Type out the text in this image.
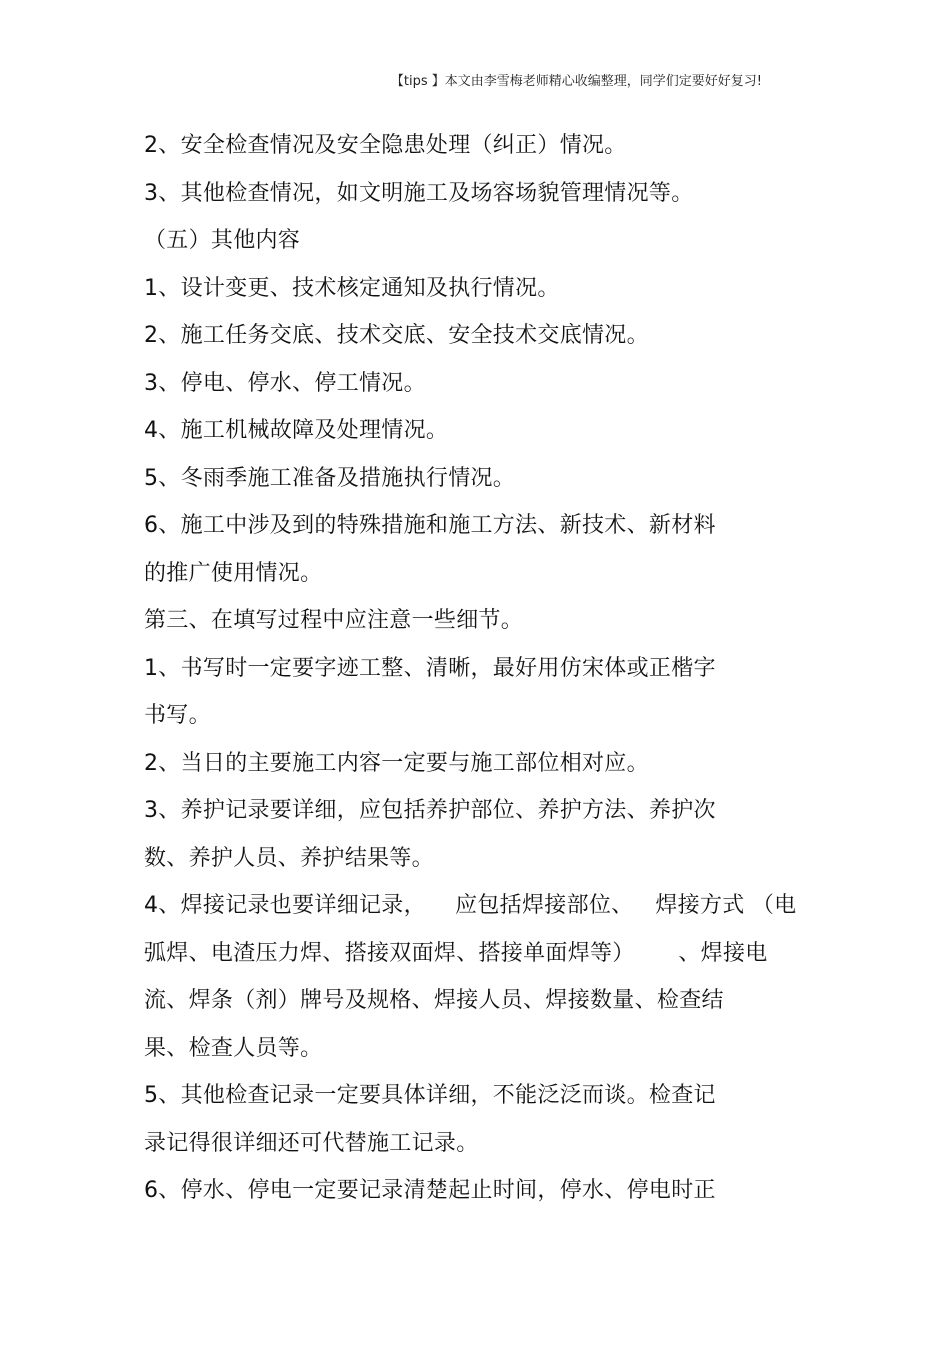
【tips 】本文由李雪梅老师精心收编整理，同学们定要好好复习!
2、安全检查情况及安全隐患处理（纠正）情况。
3、其他检查情况，如文明施工及场容场貌管理情况等。
（五）其他内容
1、设计变更、技术核定通知及执行情况。
2、施工任务交底、技术交底、安全技术交底情况。
3、停电、停水、停工情况。
4、施工机械故障及处理情况。
5、冬雨季施工准备及措施执行情况。
6、施工中涉及到的特殊措施和施工方法、新技术、新材料
的推广使用情况。
第三、在填写过程中应注意一些细节。
1、书写时一定要字迹工整、清晰，最好用仿宋体或正楷字
书写。
2、当日的主要施工内容一定要与施工部位相对应。
3、养护记录要详细，应包括养护部位、养护方法、养护次
数、养护人员、养护结果等。
4、焊接记录也要详细记录，    应包括焊接部位、   焊接方式 （电
弧焊、电渣压力焊、搭接双面焊、搭接单面焊等）      、焊接电
流、焊条（剂）牌号及规格、焊接人员、焊接数量、检查结
果、检查人员等。
5、其他检查记录一定要具体详细，不能泛泛而谈。检查记
录记得很详细还可代替施工记录。
6、停水、停电一定要记录清楚起止时间，停水、停电时正
